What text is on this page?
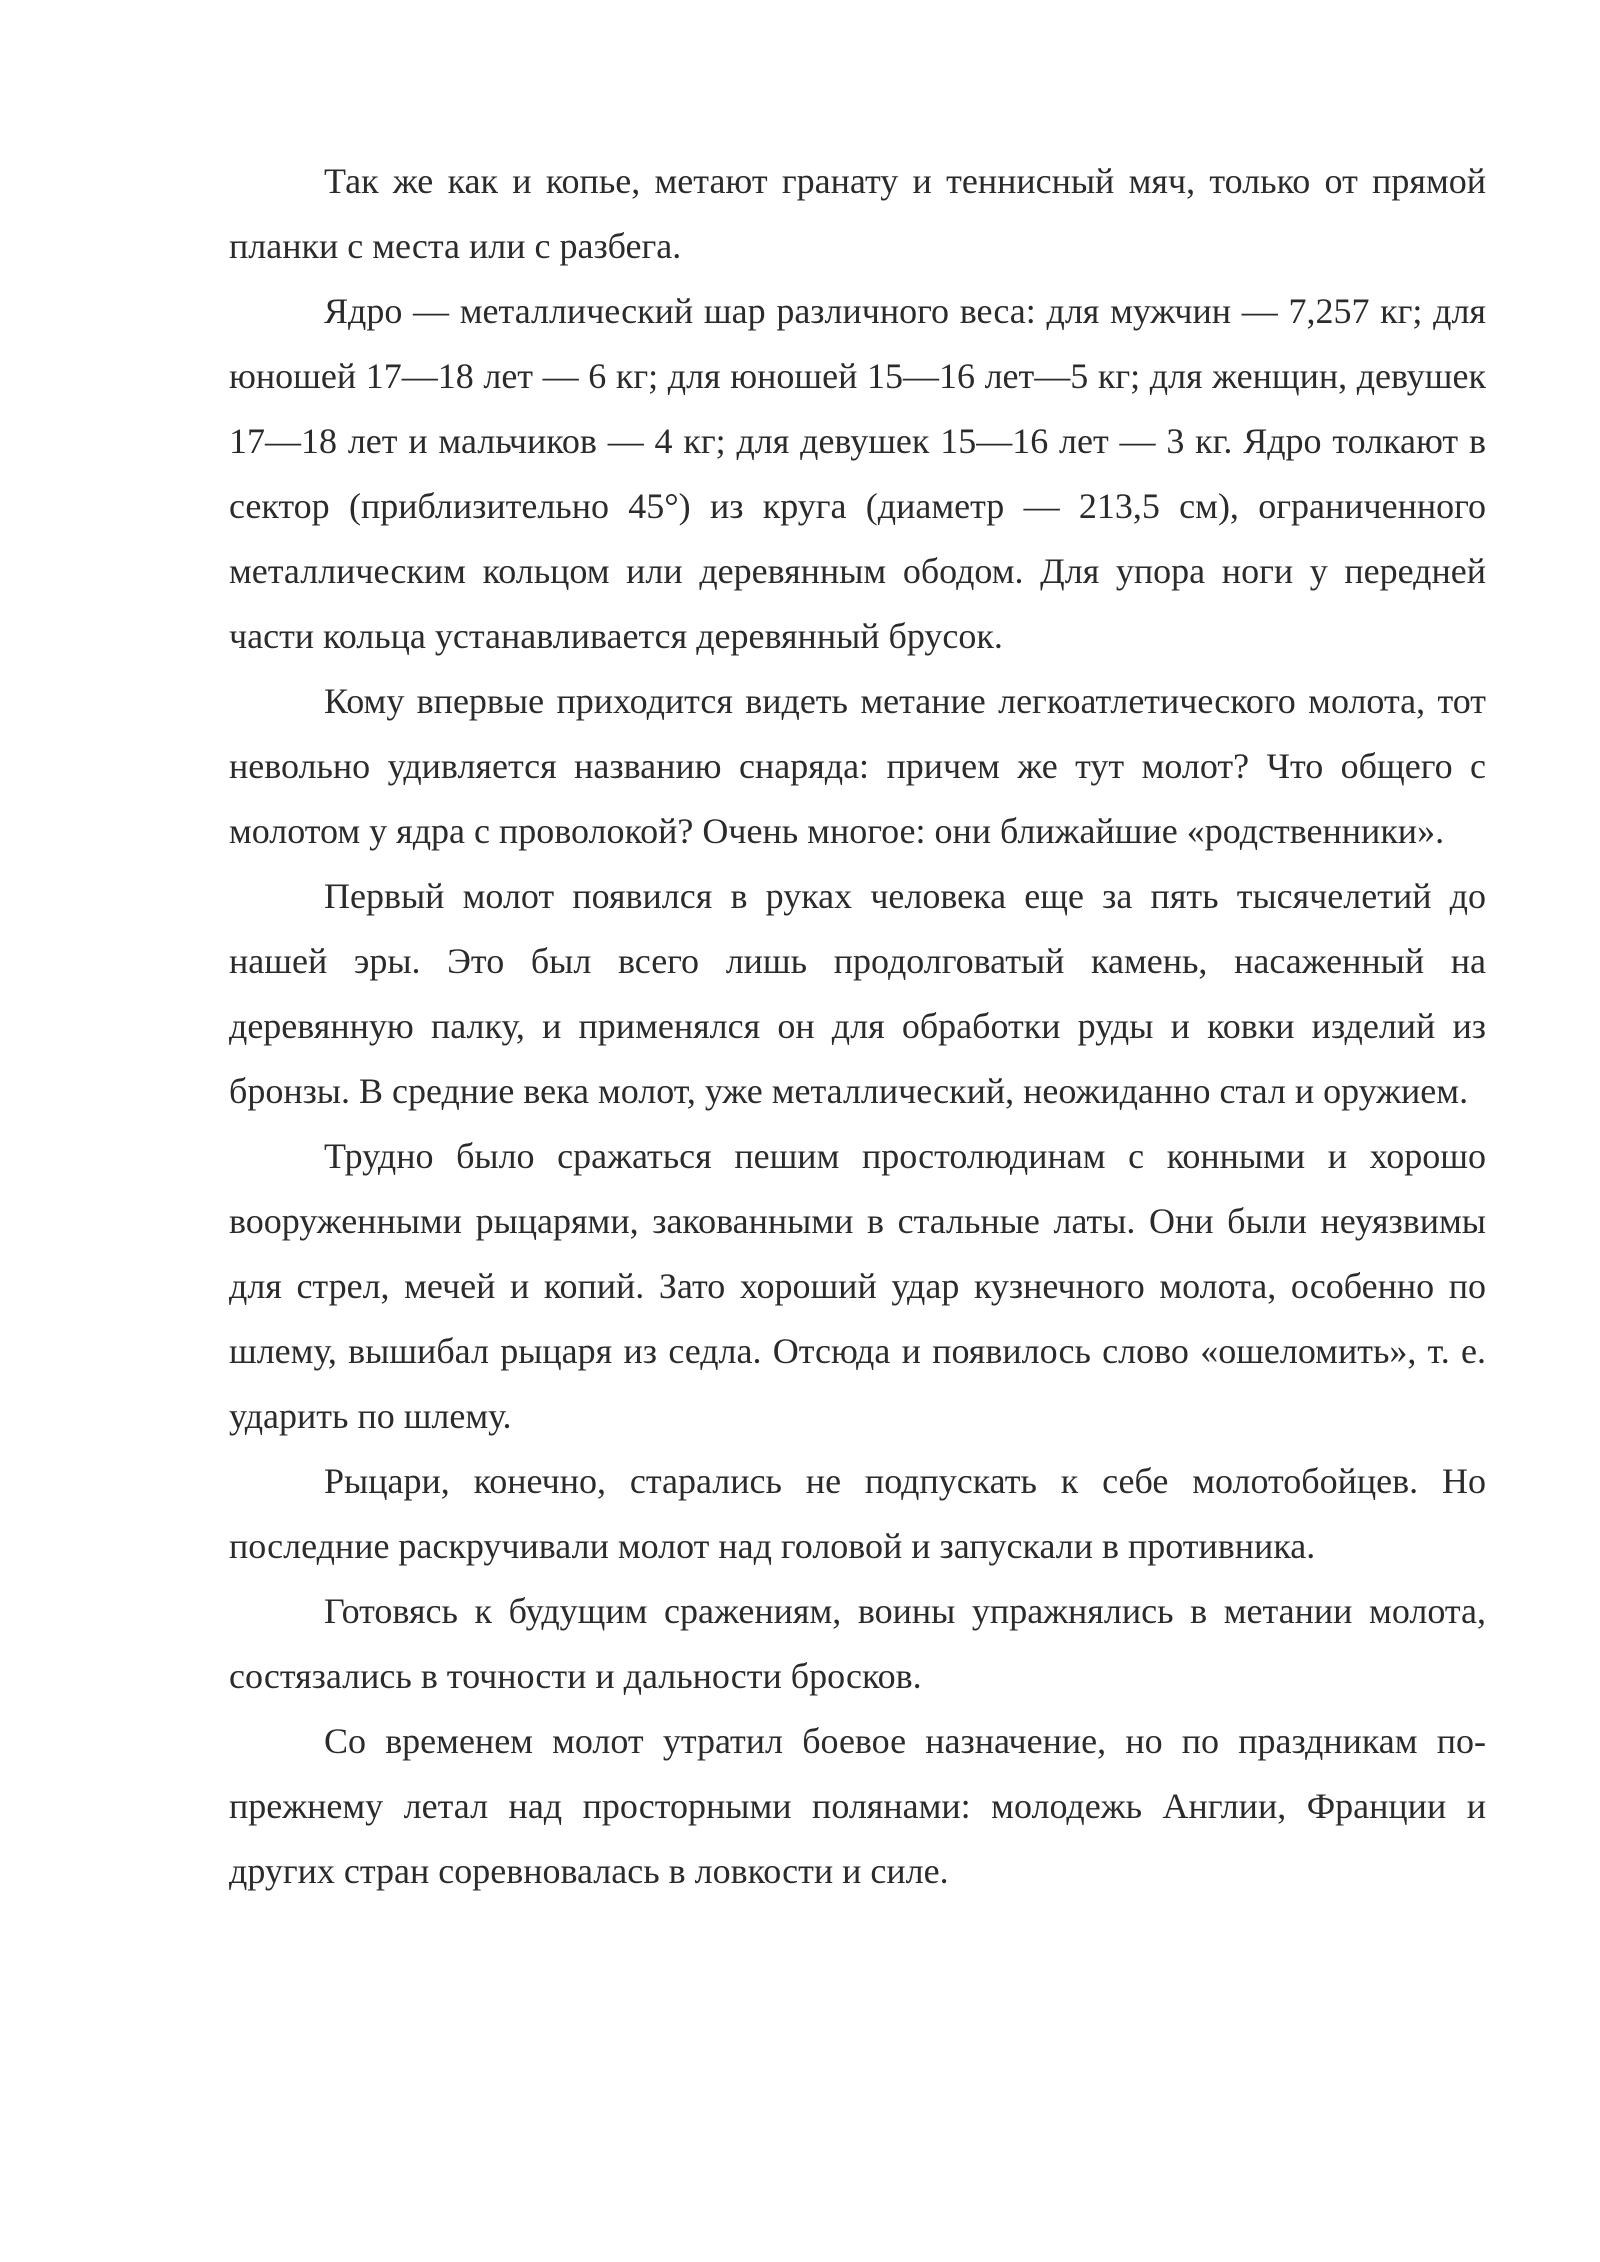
Так же как и копье, метают гранату и теннисный мяч, только от прямой планки с места или с разбега.

Ядро — металлический шар различного веса: для мужчин — 7,257 кг; для юношей 17—18 лет — 6 кг; для юношей 15—16 лет—5 кг; для женщин, девушек 17—18 лет и мальчиков — 4 кг; для девушек 15—16 лет — 3 кг. Ядро толкают в сектор (приблизительно 45°) из круга (диаметр — 213,5 см), ограниченного металлическим кольцом или деревянным ободом. Для упора ноги у передней части кольца устанавливается деревянный брусок.

Кому впервые приходится видеть метание легкоатлетического молота, тот невольно удивляется названию снаряда: причем же тут молот? Что общего с молотом у ядра с проволокой? Очень многое: они ближайшие «родственники».

Первый молот появился в руках человека еще за пять тысячелетий до нашей эры. Это был всего лишь продолговатый камень, насаженный на деревянную палку, и применялся он для обработки руды и ковки изделий из бронзы. В средние века молот, уже металлический, неожиданно стал и оружием.

Трудно было сражаться пешим простолюдинам с конными и хорошо вооруженными рыцарями, закованными в стальные латы. Они были неуязвимы для стрел, мечей и копий. Зато хороший удар кузнечного молота, особенно по шлему, вышибал рыцаря из седла. Отсюда и появилось слово «ошеломить», т. е. ударить по шлему.

Рыцари, конечно, старались не подпускать к себе молотобойцев. Но последние раскручивали молот над головой и запускали в противника.

Готовясь к будущим сражениям, воины упражнялись в метании молота, состязались в точности и дальности бросков.

Со временем молот утратил боевое назначение, но по праздникам по-прежнему летал над просторными полянами: молодежь Англии, Франции и других стран соревновалась в ловкости и силе.
